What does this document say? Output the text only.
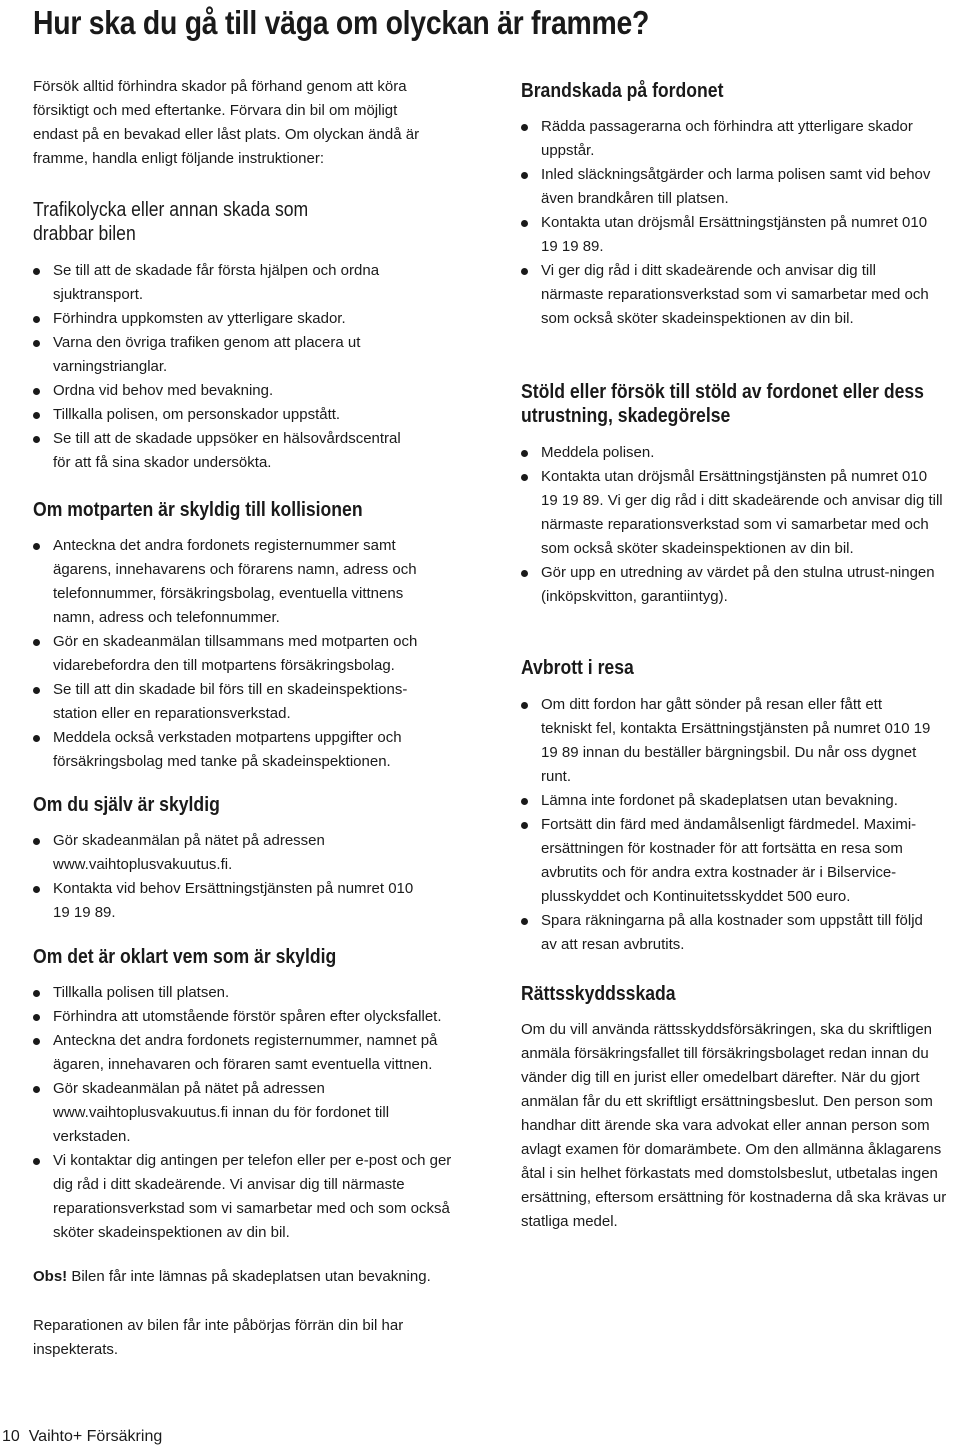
Hur ska du gå till väga om olyckan är framme?

Försök alltid förhindra skador på förhand genom att köra försiktigt och med eftertanke. Förvara din bil om möjligt endast på en bevakad eller låst plats. Om olyckan ändå är framme, handla enligt följande instruktioner:

Trafikolycka eller annan skada som
drabbar bilen
Se till att de skadade får första hjälpen och ordna sjuktransport.
Förhindra uppkomsten av ytterligare skador.
Varna den övriga trafiken genom att placera ut varningstrianglar.
Ordna vid behov med bevakning.
Tillkalla polisen, om personskador uppstått.
Se till att de skadade uppsöker en hälsovårdscentral för att få sina skador undersökta.
Om motparten är skyldig till kollisionen
Anteckna det andra fordonets registernummer samt ägarens, innehavarens och förarens namn, adress och telefonnummer, försäkringsbolag, eventuella vittnens namn, adress och telefonnummer.
Gör en skadeanmälan tillsammans med motparten och vidarebefordra den till motpartens försäkringsbolag.
Se till att din skadade bil förs till en skadeinspektions-station eller en reparationsverkstad.
Meddela också verkstaden motpartens uppgifter och försäkringsbolag med tanke på skadeinspektionen.
Om du själv är skyldig
Gör skadeanmälan på nätet på adressen www.vaihtoplusvakuutus.fi.
Kontakta vid behov Ersättningstjänsten på numret 010 19 19 89.
Om det är oklart vem som är skyldig
Tillkalla polisen till platsen.
Förhindra att utomstående förstör spåren efter olycksfallet.
Anteckna det andra fordonets registernummer, namnet på ägaren, innehavaren och föraren samt eventuella vittnen.
Gör skadeanmälan på nätet på adressen www.vaihtoplusvakuutus.fi innan du för fordonet till verkstaden.
Vi kontaktar dig antingen per telefon eller per e-post och ger dig råd i ditt skadeärende. Vi anvisar dig till närmaste reparationsverkstad som vi samarbetar med och som också sköter skadeinspektionen av din bil.

Obs! Bilen får inte lämnas på skadeplatsen utan bevakning.

Reparationen av bilen får inte påbörjas förrän din bil har inspekterats.

Brandskada på fordonet
Rädda passagerarna och förhindra att ytterligare skador uppstår.
Inled släckningsåtgärder och larma polisen samt vid behov även brandkåren till platsen.
Kontakta utan dröjsmål Ersättningstjänsten på numret 010 19 19 89.
Vi ger dig råd i ditt skadeärende och anvisar dig till närmaste reparationsverkstad som vi samarbetar med och som också sköter skadeinspektionen av din bil.
Stöld eller försök till stöld av fordonet eller dess
utrustning, skadegörelse
Meddela polisen.
Kontakta utan dröjsmål Ersättningstjänsten på numret 010 19 19 89. Vi ger dig råd i ditt skadeärende och anvisar dig till närmaste reparationsverkstad som vi samarbetar med och som också sköter skadeinspektionen av din bil.
Gör upp en utredning av värdet på den stulna utrust-ningen (inköpskvitton, garantiintyg).
Avbrott i resa
Om ditt fordon har gått sönder på resan eller fått ett tekniskt fel, kontakta Ersättningstjänsten på numret 010 19 19 89 innan du beställer bärgningsbil. Du når oss dygnet runt.
Lämna inte fordonet på skadeplatsen utan bevakning.
Fortsätt din färd med ändamålsenligt färdmedel. Maximi-ersättningen för kostnader för att fortsätta en resa som avbrutits och för andra extra kostnader är i Bilservice-plusskyddet och Kontinuitetsskyddet 500 euro.
Spara räkningarna på alla kostnader som uppstått till följd av att resan avbrutits.
Rättsskyddsskada

Om du vill använda rättsskyddsförsäkringen, ska du skriftligen anmäla försäkringsfallet till försäkringsbolaget redan innan du vänder dig till en jurist eller omedelbart därefter. När du gjort anmälan får du ett skriftligt ersättningsbeslut. Den person som handhar ditt ärende ska vara advokat eller annan person som avlagt examen för domarämbete. Om den allmänna åklagarens åtal i sin helhet förkastats med domstolsbeslut, utbetalas ingen ersättning, eftersom ersättning för kostnaderna då ska krävas ur statliga medel.

10 Vaihto+ Försäkring
